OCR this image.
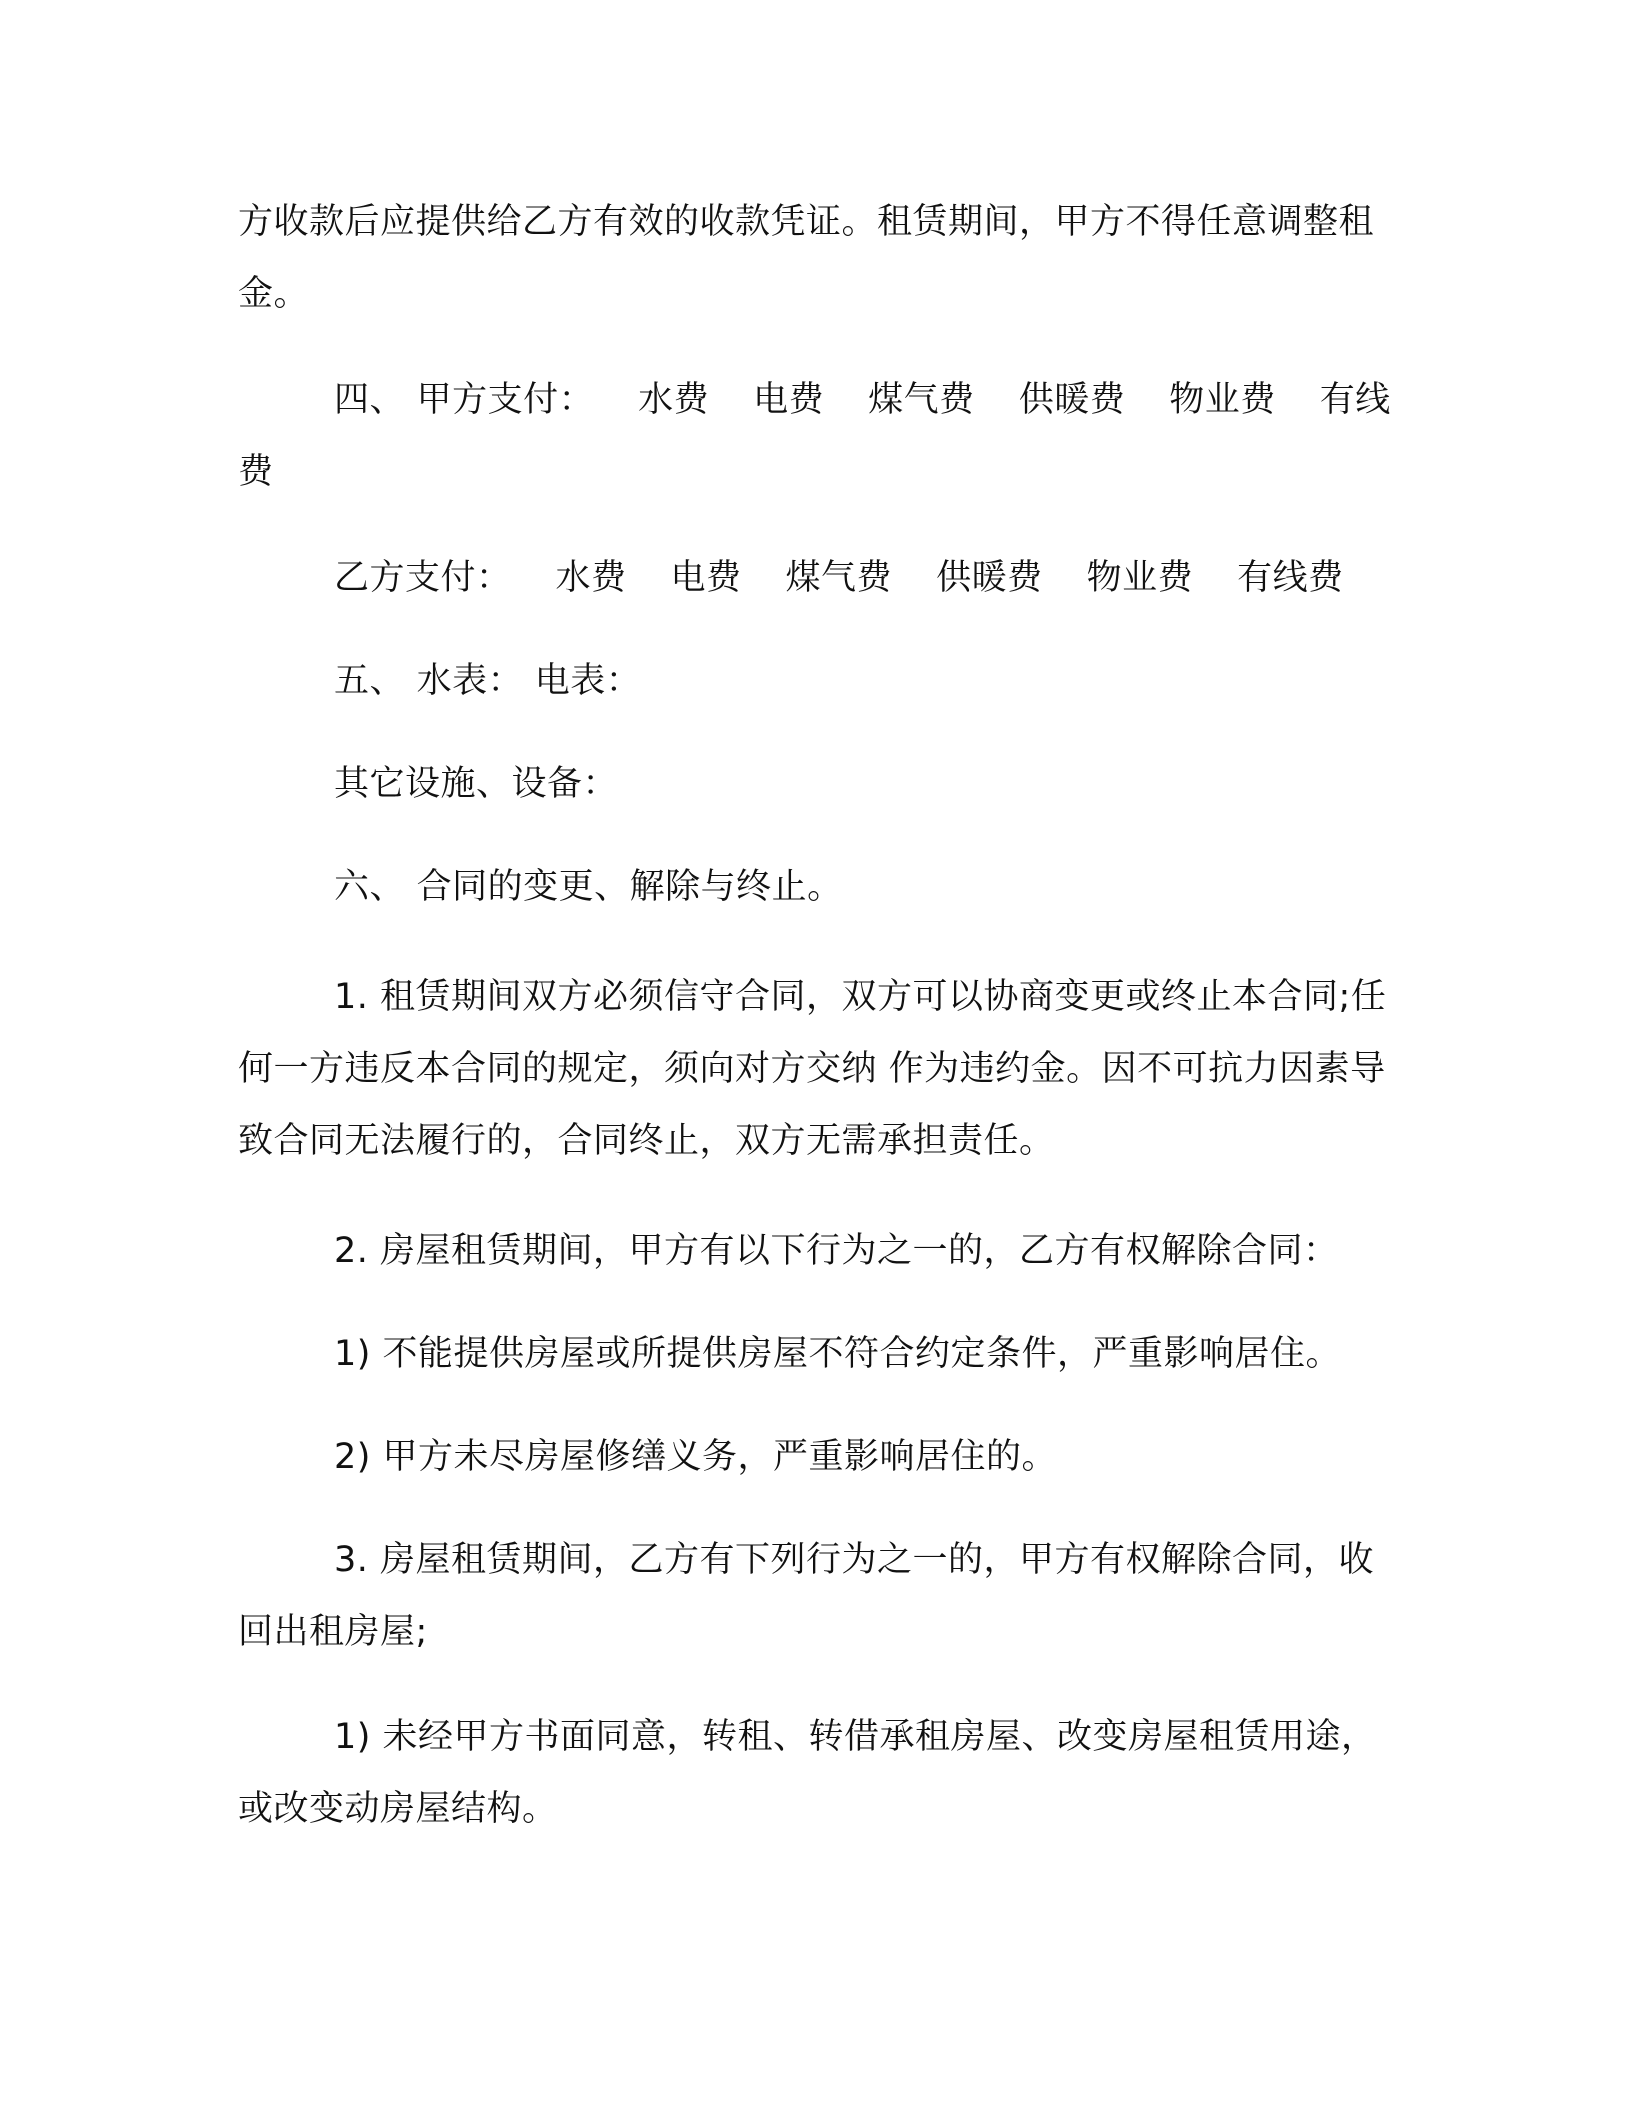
方收款后应提供给乙方有效的收款凭证。租赁期间，甲方不得任意调整租金。

四、 甲方支付： 水费 电费 煤气费 供暖费 物业费 有线费

乙方支付： 水费 电费 煤气费 供暖费 物业费 有线费

五、 水表： 电表：

其它设施、设备：

六、 合同的变更、解除与终止。

1. 租赁期间双方必须信守合同，双方可以协商变更或终止本合同;任何一方违反本合同的规定，须向对方交纳 作为违约金。因不可抗力因素导致合同无法履行的，合同终止，双方无需承担责任。

2. 房屋租赁期间，甲方有以下行为之一的，乙方有权解除合同：

1) 不能提供房屋或所提供房屋不符合约定条件，严重影响居住。

2) 甲方未尽房屋修缮义务，严重影响居住的。

3. 房屋租赁期间，乙方有下列行为之一的，甲方有权解除合同，收回出租房屋;

1) 未经甲方书面同意，转租、转借承租房屋、改变房屋租赁用途，或改变动房屋结构。
